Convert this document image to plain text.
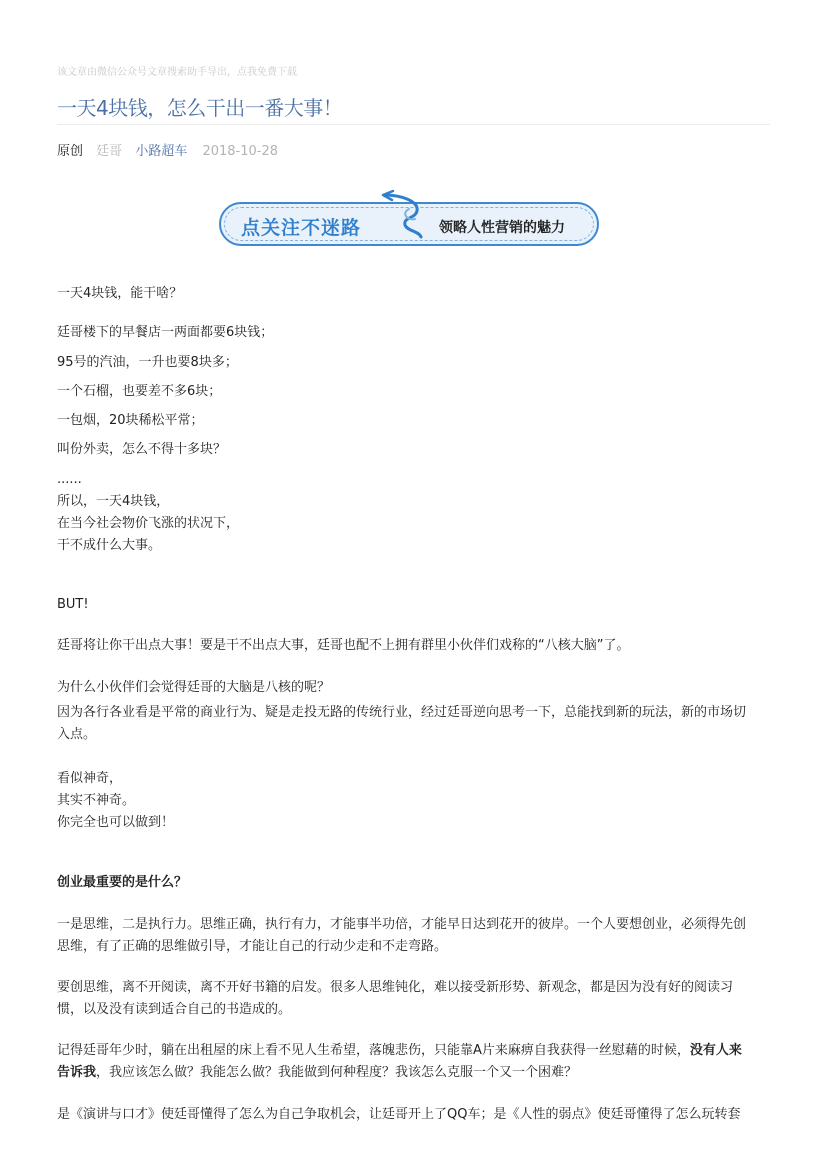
该文章由微信公众号文章搜索助手导出，点我免费下载
一天4块钱，怎么干出一番大事！
原创 廷哥 小路超车 2018-10-28
点关注不迷路	领略人性营销的魅力
一天4块钱，能干啥？
廷哥楼下的早餐店一两面都要6块钱；
95号的汽油，一升也要8块多；
一个石榴，也要差不多6块；
一包烟，20块稀松平常；
叫份外卖，怎么不得十多块？

......

所以，一天4块钱，

在当今社会物价飞涨的状况下，

干不成什么大事。

BUT!
廷哥将让你干出点大事！要是干不出点大事，廷哥也配不上拥有群里小伙伴们戏称的“八核大脑”了。
为什么小伙伴们会觉得廷哥的大脑是八核的呢？

因为各行各业看是平常的商业行为、疑是走投无路的传统行业，经过廷哥逆向思考一下，总能找到新的玩法，新的市场切

入点。

看似神奇，

其实不神奇。

你完全也可以做到！

创业最重要的是什么？

一是思维，二是执行力。思维正确，执行有力，才能事半功倍，才能早日达到花开的彼岸。一个人要想创业，必须得先创

思维，有了正确的思维做引导，才能让自己的行动少走和不走弯路。

要创思维，离不开阅读，离不开好书籍的启发。很多人思维钝化，难以接受新形势、新观念，都是因为没有好的阅读习

惯，以及没有读到适合自己的书造成的。

记得廷哥年少时，躺在出租屋的床上看不见人生希望，落魄悲伤，只能靠A片来麻痹自我获得一丝慰藉的时候，没有人来

告诉我，我应该怎么做？我能怎么做？我能做到何种程度？我该怎么克服一个又一个困难？

是《演讲与口才》使廷哥懂得了怎么为自己争取机会，让廷哥开上了QQ车；是《人性的弱点》使廷哥懂得了怎么玩转套
